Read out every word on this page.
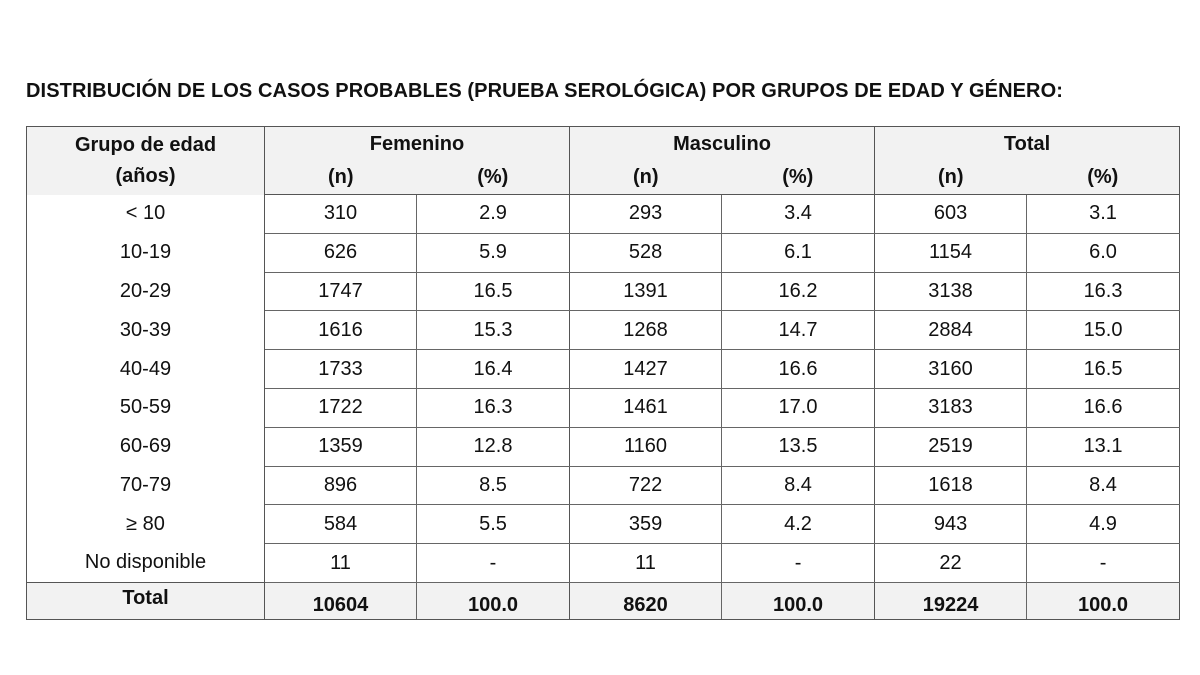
DISTRIBUCIÓN DE LOS CASOS PROBABLES (PRUEBA SEROLÓGICA) POR GRUPOS DE EDAD Y GÉNERO:
Grupo de edad
(años)	Femenino		Masculino		Total	
	(n)	(%)	(n)	(%)	(n)	(%)
< 10	310	2.9	293	3.4	603	3.1
10-19	626	5.9	528	6.1	1154	6.0
20-29	1747	16.5	1391	16.2	3138	16.3
30-39	1616	15.3	1268	14.7	2884	15.0
40-49	1733	16.4	1427	16.6	3160	16.5
50-59	1722	16.3	1461	17.0	3183	16.6
60-69	1359	12.8	1160	13.5	2519	13.1
70-79	896	8.5	722	8.4	1618	8.4
≥ 80	584	5.5	359	4.2	943	4.9
No disponible	11	-	11	-	22	-
Total	10604	100.0	8620	100.0	19224	100.0
